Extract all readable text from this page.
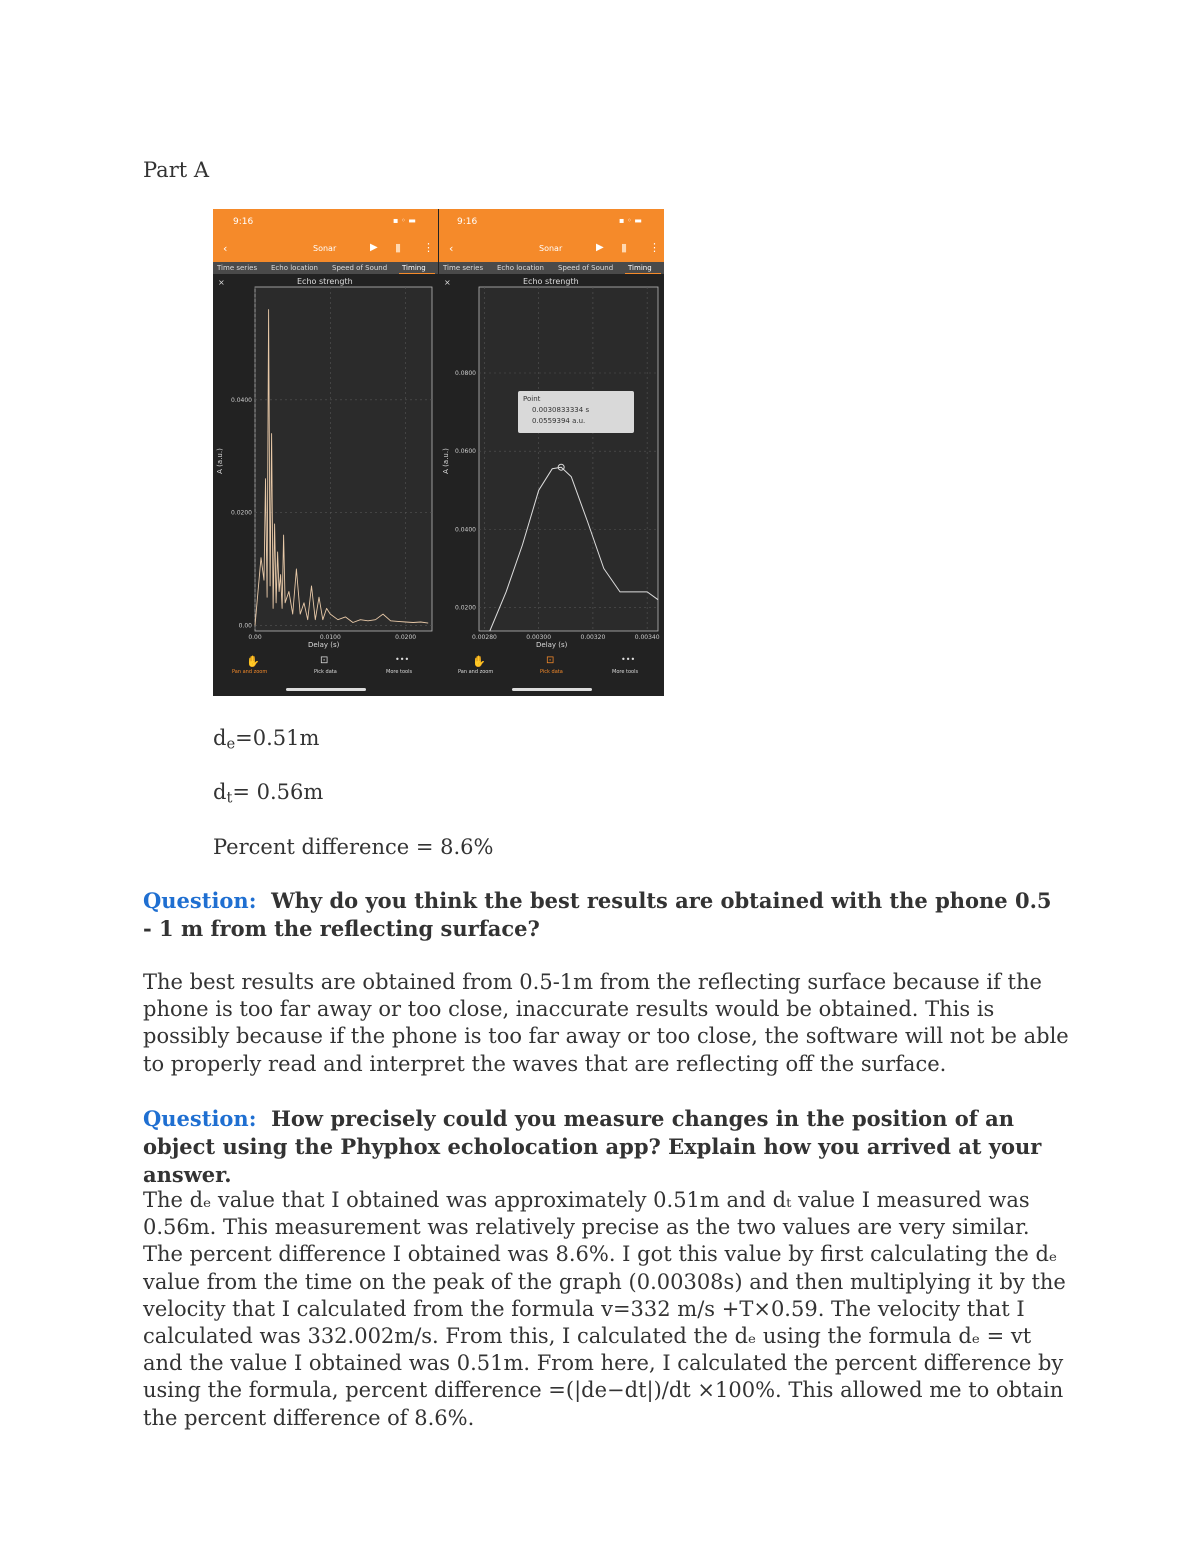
Part A
9:16	▪ ◦ ▬
‹	Sonar	▶ ▮ ⋮
Time series Echo location Speed of Sound Timing
⨯	Echo strength
A (a.u.)
0.0400
0.0200
0.00
0.00	0.0100	0.0200
Delay (s)
✋
Pan and zoom
⊡
Pick data
•••
More tools
9:16	▪ ◦ ▬
‹	Sonar	▶ ▮ ⋮
Time series Echo location Speed of Sound Timing
⨯	Echo strength
A (a.u.)
0.0800
0.0600
0.0400
0.0200
0.00280	0.00300	0.00320	0.00340
Point
0.0030833334 s
0.0559394 a.u.
Delay (s)
✋
Pan and zoom
⊡
Pick data
•••
More tools
$d_e=0.51m$
$d_t= 0.56m$
Percent difference = 8.6%
Question: Why do you think the best results are obtained with the phone 0.5 - 1 m from the reflecting surface?
The best results are obtained from 0.5-1m from the reflecting surface because if the phone is too far away or too close, inaccurate results would be obtained. This is possibly because if the phone is too far away or too close, the software will not be able to properly read and interpret the waves that are reflecting off the surface.
Question: How precisely could you measure changes in the position of an object using the Phyphox echolocation app? Explain how you arrived at your answer.
The dₑ value that I obtained was approximately 0.51m and dₜ value I measured was 0.56m. This measurement was relatively precise as the two values are very similar. The percent difference I obtained was 8.6%. I got this value by first calculating the dₑ value from the time on the peak of the graph (0.00308s) and then multiplying it by the velocity that I calculated from the formula v=332 m/s +T×0.59. The velocity that I calculated was 332.002m/s. From this, I calculated the dₑ using the formula dₑ = vt and the value I obtained was 0.51m. From here, I calculated the percent difference by using the formula, percent difference =(|de−dt|)/dt ×100%. This allowed me to obtain the percent difference of 8.6%.
